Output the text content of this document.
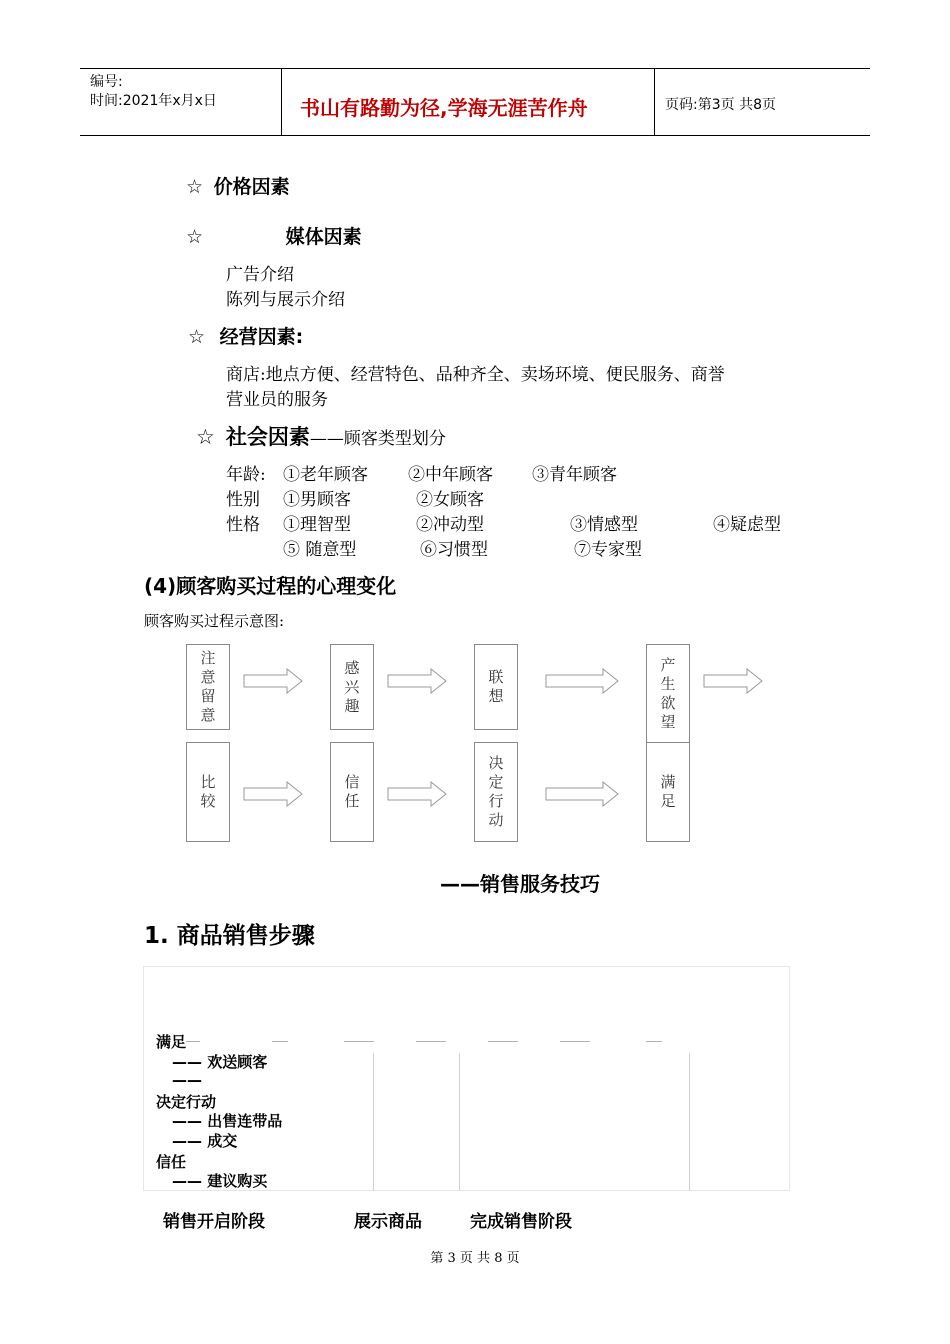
编号:
时间:2021年x月x日	书山有路勤为径,学海无涯苦作舟	页码:第3页 共8页
☆ 价格因素
☆	媒体因素
广告介绍
陈列与展示介绍
☆ 经营因素:
商店:地点方便、经营特色、品种齐全、卖场环境、便民服务、商誉
营业员的服务
☆ 社会因素——顾客类型划分
年龄: ①老年顾客 ②中年顾客 ③青年顾客
性别 ①男顾客	②女顾客
性格 ①理智型	②冲动型	③情感型	④疑虑型
⑤ 随意型	⑥习惯型	⑦专家型
(4)顾客购买过程的心理变化
顾客购买过程示意图:
注意留意
感兴趣
联想
产生欲望
比较
信任
决定行动
满足
——销售服务技巧
1. 商品销售步骤
满足
—— 欢送顾客
——
决定行动
—— 出售连带品
—— 成交
信任
—— 建议购买
销售开启阶段	展示商品	完成销售阶段
第 3 页 共 8 页
